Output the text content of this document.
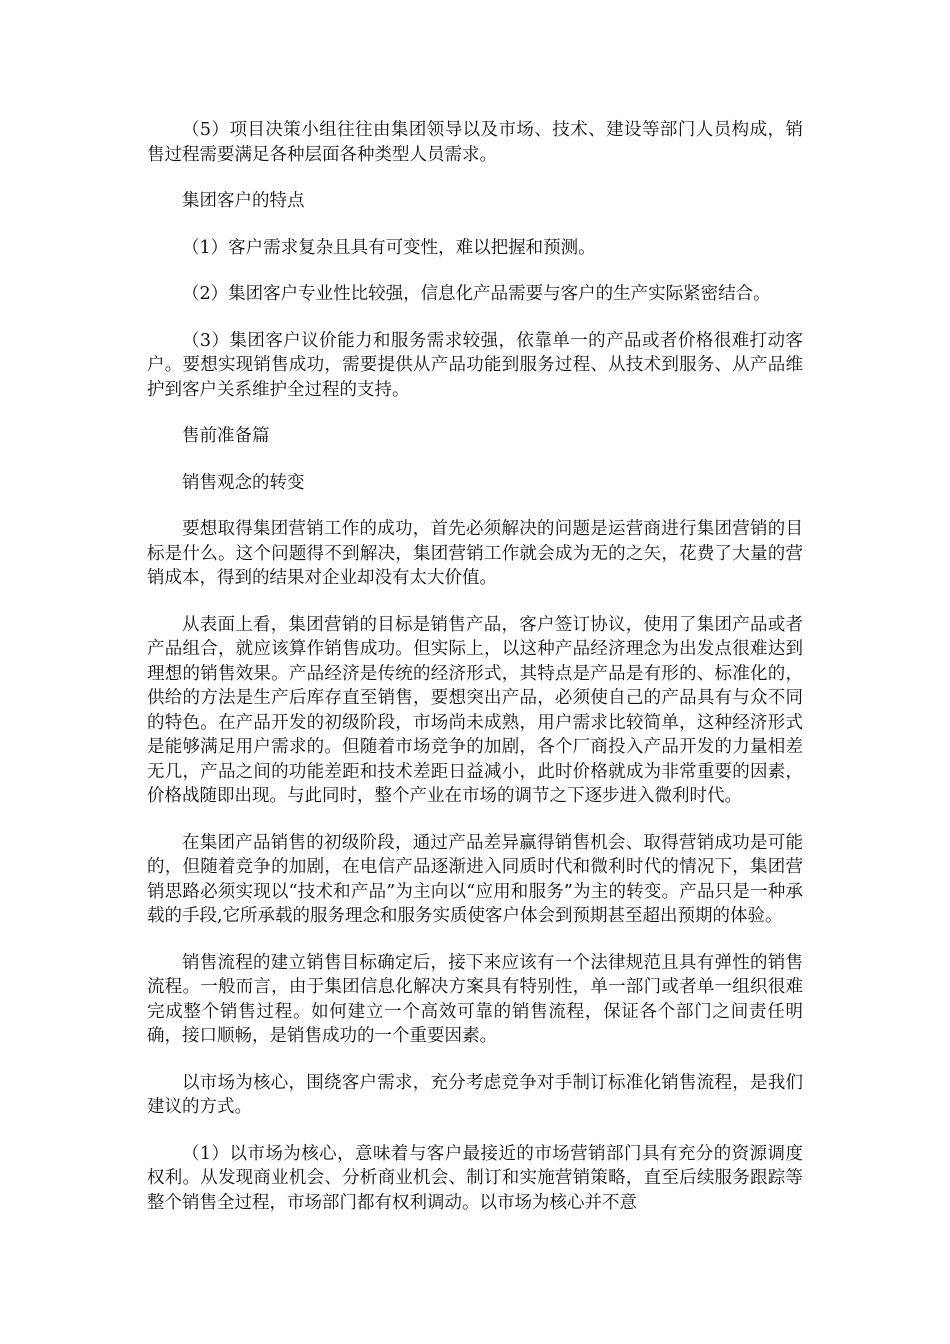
（5）项目决策小组往往由集团领导以及市场、技术、建设等部门人员构成，销售过程需要满足各种层面各种类型人员需求。

集团客户的特点

（1）客户需求复杂且具有可变性，难以把握和预测。

（2）集团客户专业性比较强，信息化产品需要与客户的生产实际紧密结合。

（3）集团客户议价能力和服务需求较强，依靠单一的产品或者价格很难打动客户。要想实现销售成功，需要提供从产品功能到服务过程、从技术到服务、从产品维护到客户关系维护全过程的支持。

售前准备篇

销售观念的转变

要想取得集团营销工作的成功，首先必须解决的问题是运营商进行集团营销的目标是什么。这个问题得不到解决，集团营销工作就会成为无的之矢，花费了大量的营销成本，得到的结果对企业却没有太大价值。

从表面上看，集团营销的目标是销售产品，客户签订协议，使用了集团产品或者产品组合，就应该算作销售成功。但实际上，以这种产品经济理念为出发点很难达到理想的销售效果。产品经济是传统的经济形式，其特点是产品是有形的、标准化的，供给的方法是生产后库存直至销售，要想突出产品，必须使自己的产品具有与众不同的特色。在产品开发的初级阶段，市场尚未成熟，用户需求比较简单，这种经济形式是能够满足用户需求的。但随着市场竞争的加剧，各个厂商投入产品开发的力量相差无几，产品之间的功能差距和技术差距日益减小，此时价格就成为非常重要的因素，价格战随即出现。与此同时，整个产业在市场的调节之下逐步进入微利时代。

在集团产品销售的初级阶段，通过产品差异赢得销售机会、取得营销成功是可能的，但随着竞争的加剧，在电信产品逐渐进入同质时代和微利时代的情况下，集团营销思路必须实现以“技术和产品”为主向以“应用和服务”为主的转变。产品只是一种承载的手段,它所承载的服务理念和服务实质使客户体会到预期甚至超出预期的体验。

销售流程的建立销售目标确定后，接下来应该有一个法律规范且具有弹性的销售流程。一般而言，由于集团信息化解决方案具有特别性，单一部门或者单一组织很难完成整个销售过程。如何建立一个高效可靠的销售流程，保证各个部门之间责任明确，接口顺畅，是销售成功的一个重要因素。

以市场为核心，围绕客户需求，充分考虑竞争对手制订标准化销售流程，是我们建议的方式。

（1）以市场为核心，意味着与客户最接近的市场营销部门具有充分的资源调度权利。从发现商业机会、分析商业机会、制订和实施营销策略，直至后续服务跟踪等整个销售全过程，市场部门都有权利调动。以市场为核心并不意
